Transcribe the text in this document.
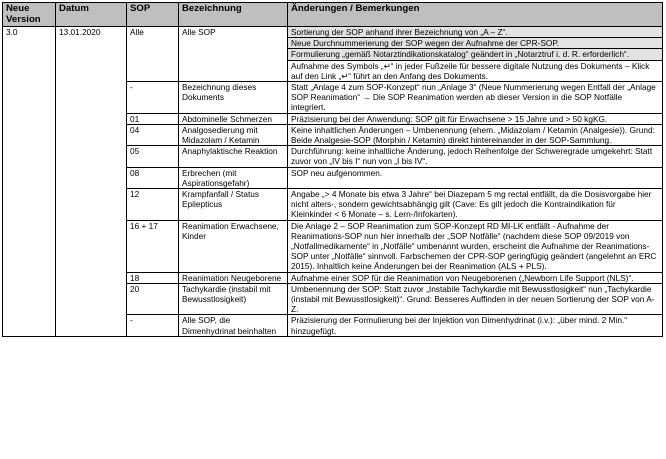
Neue Version	Datum	SOP	Bezeichnung	Änderungen / Bemerkungen
3.0	13.01.2020	Alle	Alle SOP	Sortierung der SOP anhand ihrer Bezeichnung von „A – Z“.
				Neue Durchnummerierung der SOP wegen der Aufnahme der CPR-SOP.
				Formulierung „gemäß Notarztindikationskatalog“ geändert in „Notarztruf i. d. R. erforderlich“.
				Aufnahme des Symbols „↵“ in jeder Fußzeile für bessere digitale Nutzung des Dokuments – Klick auf den Link „↵“ führt an den Anfang des Dokuments.
		-	Bezeichnung dieses Dokuments	Statt „Anlage 4 zum SOP-Konzept“ nun „Anlage 3“ (Neue Nummerierung wegen Entfall der „Anlage SOP Reanimation“ → Die SOP Reanimation werden ab dieser Version in die SOP Notfälle integriert.
		01	Abdominelle Schmerzen	Präzisierung bei der Anwendung: SOP gilt für Erwachsene > 15 Jahre und > 50 kgKG.
		04	Analgosedierung mit Midazolam / Ketamin	Keine inhaltlichen Änderungen – Umbenennung (ehem. „Midazolam / Ketamin (Analgesie)). Grund: Beide Analgesie-SOP (Morphin / Ketamin) direkt hintereinander in der SOP-Sammlung.
		05	Anaphylaktische Reaktion	Durchführung: keine inhaltliche Änderung, jedoch Reihenfolge der Schweregrade umgekehrt: Statt zuvor von „IV bis I“ nun von „I bis IV“.
		08	Erbrechen (mit Aspirationsgefahr)	SOP neu aufgenommen.
		12	Krampfanfall / Status Epilepticus	Angabe „> 4 Monate bis etwa 3 Jahre“ bei Diazepam 5 mg rectal entfällt, da die Dosisvorgabe hier nicht alters-, sondern gewichtsabhängig gilt (Cave: Es gilt jedoch die Kontraindikation für Kleinkinder < 6 Monate – s. Lern-/Infokarten).
		16 + 17	Reanimation Erwachsene, Kinder	Die Anlage 2 – SOP Reanimation zum SOP-Konzept RD MI-LK entfällt - Aufnahme der Reanimations-SOP nun hier innerhalb der „SOP Notfälle“ (nachdem diese SOP 09/2019 von „Notfallmedikamente“ in „Notfälle“ umbenannt wurden, erscheint die Aufnahme der Reanimations-SOP unter „Notfälle“ sinnvoll. Farbschemen der CPR-SOP geringfügig geändert (angelehnt an ERC 2015). Inhaltlich keine Änderungen bei der Reanimation (ALS + PLS).
		18	Reanimation Neugeborene	Aufnahme einer SOP für die Reanimation von Neugeborenen („Newborn Life Support (NLS)“.
		20	Tachykardie (instabil mit Bewusstlosigkeit)	Umbenennung der SOP: Statt zuvor „Instabile Tachykardie mit Bewusstlosigkeit“ nun „Tachykardie (instabil mit Bewusstlosigkeit)“. Grund: Besseres Auffinden in der neuen Sortierung der SOP von A-Z.
		-	Alle SOP, die Dimenhydrinat beinhalten	Präzisierung der Formulierung bei der Injektion von Dimenhydrinat (i.v.): „über mind. 2 Min.“ hinzugefügt.
